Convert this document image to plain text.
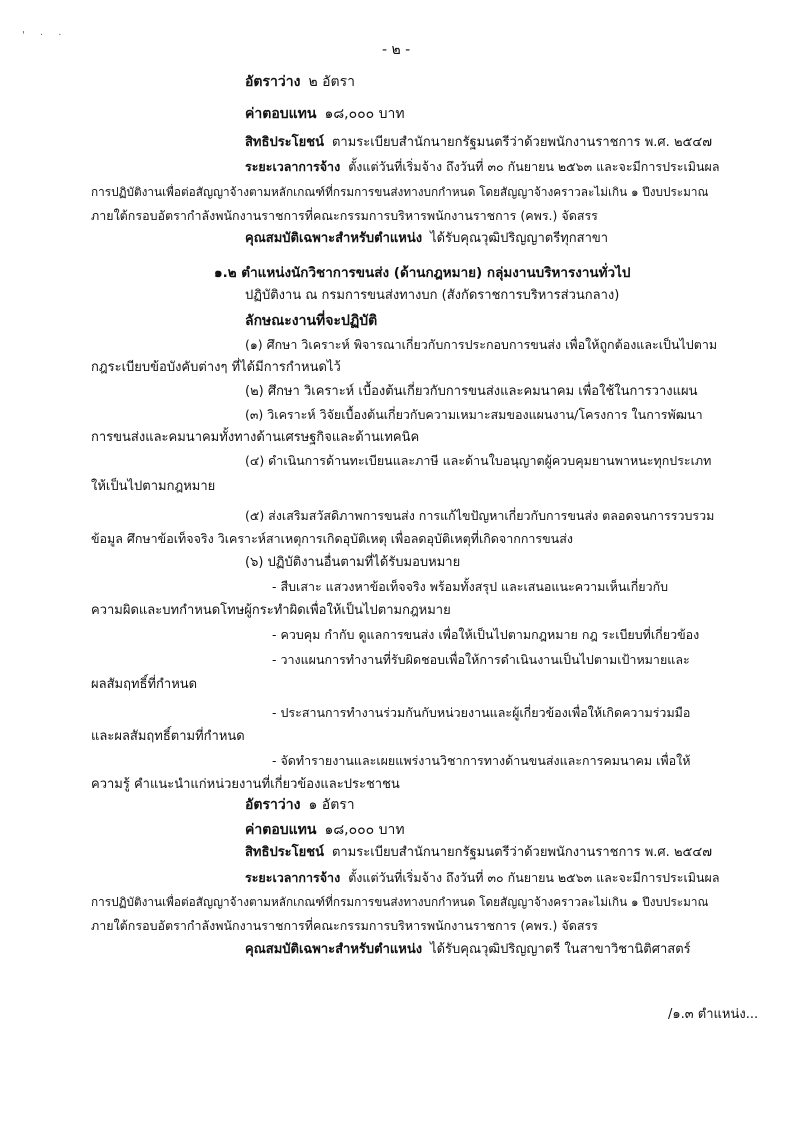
' · ·
- ๒ -
อัตราว่าง ๒ อัตรา
ค่าตอบแทน ๑๘,๐๐๐ บาท
สิทธิประโยชน์ ตามระเบียบสำนักนายกรัฐมนตรีว่าด้วยพนักงานราชการ พ.ศ. ๒๕๔๗
ระยะเวลาการจ้าง ตั้งแต่วันที่เริ่มจ้าง ถึงวันที่ ๓๐ กันยายน ๒๕๖๓ และจะมีการประเมินผล
การปฏิบัติงานเพื่อต่อสัญญาจ้างตามหลักเกณฑ์ที่กรมการขนส่งทางบกกำหนด โดยสัญญาจ้างคราวละไม่เกิน ๑ ปีงบประมาณ
ภายใต้กรอบอัตรากำลังพนักงานราชการที่คณะกรรมการบริหารพนักงานราชการ (คพร.) จัดสรร
คุณสมบัติเฉพาะสำหรับตำแหน่ง ได้รับคุณวุฒิปริญญาตรีทุกสาขา
๑.๒ ตำแหน่งนักวิชาการขนส่ง (ด้านกฎหมาย) กลุ่มงานบริหารงานทั่วไป
ปฏิบัติงาน ณ กรมการขนส่งทางบก (สังกัดราชการบริหารส่วนกลาง)
ลักษณะงานที่จะปฏิบัติ
(๑) ศึกษา วิเคราะห์ พิจารณาเกี่ยวกับการประกอบการขนส่ง เพื่อให้ถูกต้องและเป็นไปตาม
กฎระเบียบข้อบังคับต่างๆ ที่ได้มีการกำหนดไว้
(๒) ศึกษา วิเคราะห์ เบื้องต้นเกี่ยวกับการขนส่งและคมนาคม เพื่อใช้ในการวางแผน
(๓) วิเคราะห์ วิจัยเบื้องต้นเกี่ยวกับความเหมาะสมของแผนงาน/โครงการ ในการพัฒนา
การขนส่งและคมนาคมทั้งทางด้านเศรษฐกิจและด้านเทคนิค
(๔) ดำเนินการด้านทะเบียนและภาษี และด้านใบอนุญาตผู้ควบคุมยานพาหนะทุกประเภท
ให้เป็นไปตามกฎหมาย
(๕) ส่งเสริมสวัสดิภาพการขนส่ง การแก้ไขปัญหาเกี่ยวกับการขนส่ง ตลอดจนการรวบรวม
ข้อมูล ศึกษาข้อเท็จจริง วิเคราะห์สาเหตุการเกิดอุบัติเหตุ เพื่อลดอุบัติเหตุที่เกิดจากการขนส่ง
(๖) ปฏิบัติงานอื่นตามที่ได้รับมอบหมาย
- สืบเสาะ แสวงหาข้อเท็จจริง พร้อมทั้งสรุป และเสนอแนะความเห็นเกี่ยวกับ
ความผิดและบทกำหนดโทษผู้กระทำผิดเพื่อให้เป็นไปตามกฎหมาย
- ควบคุม กำกับ ดูแลการขนส่ง เพื่อให้เป็นไปตามกฎหมาย กฎ ระเบียบที่เกี่ยวข้อง
- วางแผนการทำงานที่รับผิดชอบเพื่อให้การดำเนินงานเป็นไปตามเป้าหมายและ
ผลสัมฤทธิ์ที่กำหนด
- ประสานการทำงานร่วมกันกับหน่วยงานและผู้เกี่ยวข้องเพื่อให้เกิดความร่วมมือ
และผลสัมฤทธิ์ตามที่กำหนด
- จัดทำรายงานและเผยแพร่งานวิชาการทางด้านขนส่งและการคมนาคม เพื่อให้
ความรู้ คำแนะนำแก่หน่วยงานที่เกี่ยวข้องและประชาชน
อัตราว่าง ๑ อัตรา
ค่าตอบแทน ๑๘,๐๐๐ บาท
สิทธิประโยชน์ ตามระเบียบสำนักนายกรัฐมนตรีว่าด้วยพนักงานราชการ พ.ศ. ๒๕๔๗
ระยะเวลาการจ้าง ตั้งแต่วันที่เริ่มจ้าง ถึงวันที่ ๓๐ กันยายน ๒๕๖๓ และจะมีการประเมินผล
การปฏิบัติงานเพื่อต่อสัญญาจ้างตามหลักเกณฑ์ที่กรมการขนส่งทางบกกำหนด โดยสัญญาจ้างคราวละไม่เกิน ๑ ปีงบประมาณ
ภายใต้กรอบอัตรากำลังพนักงานราชการที่คณะกรรมการบริหารพนักงานราชการ (คพร.) จัดสรร
คุณสมบัติเฉพาะสำหรับตำแหน่ง ได้รับคุณวุฒิปริญญาตรี ในสาขาวิชานิติศาสตร์
/๑.๓ ตำแหน่ง...
